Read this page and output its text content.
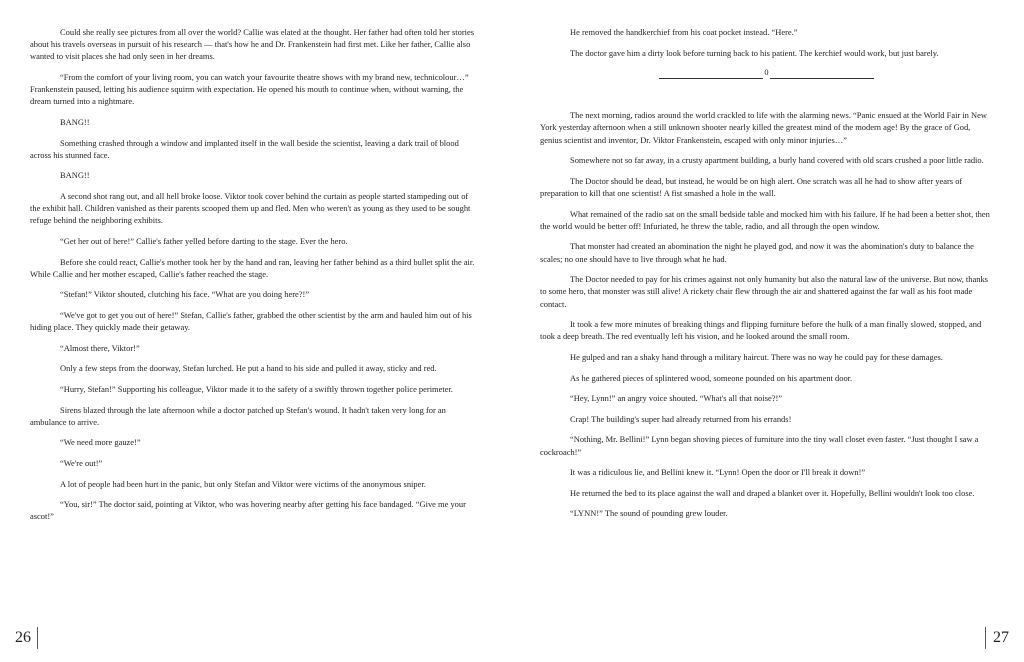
Could she really see pictures from all over the world? Callie was elated at the thought. Her father had often told her stories about his travels overseas in pursuit of his research — that's how he and Dr. Frankenstein had first met. Like her father, Callie also wanted to visit places she had only seen in her dreams.

“From the comfort of your living room, you can watch your favourite theatre shows with my brand new, technicolour…” Frankenstein paused, letting his audience squirm with expectation. He opened his mouth to continue when, without warning, the dream turned into a nightmare.

BANG!!

Something crashed through a window and implanted itself in the wall beside the scientist, leaving a dark trail of blood across his stunned face.

BANG!!

A second shot rang out, and all hell broke loose. Viktor took cover behind the curtain as people started stampeding out of the exhibit hall. Children vanished as their parents scooped them up and fled. Men who weren't as young as they used to be sought refuge behind the neighboring exhibits.

“Get her out of here!” Callie's father yelled before darting to the stage. Ever the hero.

Before she could react, Callie's mother took her by the hand and ran, leaving her father behind as a third bullet split the air. While Callie and her mother escaped, Callie's father reached the stage.

“Stefan!” Viktor shouted, clutching his face. “What are you doing here?!”

“We've got to get you out of here!” Stefan, Callie's father, grabbed the other scientist by the arm and hauled him out of his hiding place. They quickly made their getaway.

“Almost there, Viktor!”

Only a few steps from the doorway, Stefan lurched. He put a hand to his side and pulled it away, sticky and red.

“Hurry, Stefan!” Supporting his colleague, Viktor made it to the safety of a swiftly thrown together police perimeter.

Sirens blazed through the late afternoon while a doctor patched up Stefan's wound. It hadn't taken very long for an ambulance to arrive.

“We need more gauze!”

“We're out!”

A lot of people had been hurt in the panic, but only Stefan and Viktor were victims of the anonymous sniper.

“You, sir!” The doctor said, pointing at Viktor, who was hovering nearby after getting his face bandaged. “Give me your ascot!”

26

He removed the handkerchief from his coat pocket instead. “Here.”

The doctor gave him a dirty look before turning back to his patient. The kerchief would work, but just barely.

0

The next morning, radios around the world crackled to life with the alarming news. “Panic ensued at the World Fair in New York yesterday afternoon when a still unknown shooter nearly killed the greatest mind of the modern age! By the grace of God, genius scientist and inventor, Dr. Viktor Frankenstein, escaped with only minor injuries…”

Somewhere not so far away, in a crusty apartment building, a burly hand covered with old scars crushed a poor little radio.

The Doctor should be dead, but instead, he would be on high alert. One scratch was all he had to show after years of preparation to kill that one scientist! A fist smashed a hole in the wall.

What remained of the radio sat on the small bedside table and mocked him with his failure. If he had been a better shot, then the world would be better off! Infuriated, he threw the table, radio, and all through the open window.

That monster had created an abomination the night he played god, and now it was the abomination's duty to balance the scales; no one should have to live through what he had.

The Doctor needed to pay for his crimes against not only humanity but also the natural law of the universe. But now, thanks to some hero, that monster was still alive! A rickety chair flew through the air and shattered against the far wall as his foot made contact.

It took a few more minutes of breaking things and flipping furniture before the hulk of a man finally slowed, stopped, and took a deep breath. The red eventually left his vision, and he looked around the small room.

He gulped and ran a shaky hand through a military haircut. There was no way he could pay for these damages.

As he gathered pieces of splintered wood, someone pounded on his apartment door.

“Hey, Lynn!” an angry voice shouted. “What's all that noise?!”

Crap! The building's super had already returned from his errands!

“Nothing, Mr. Bellini!” Lynn began shoving pieces of furniture into the tiny wall closet even faster. “Just thought I saw a cockroach!”

It was a ridiculous lie, and Bellini knew it. “Lynn! Open the door or I'll break it down!”

He returned the bed to its place against the wall and draped a blanket over it. Hopefully, Bellini wouldn't look too close.

“LYNN!” The sound of pounding grew louder.

27
